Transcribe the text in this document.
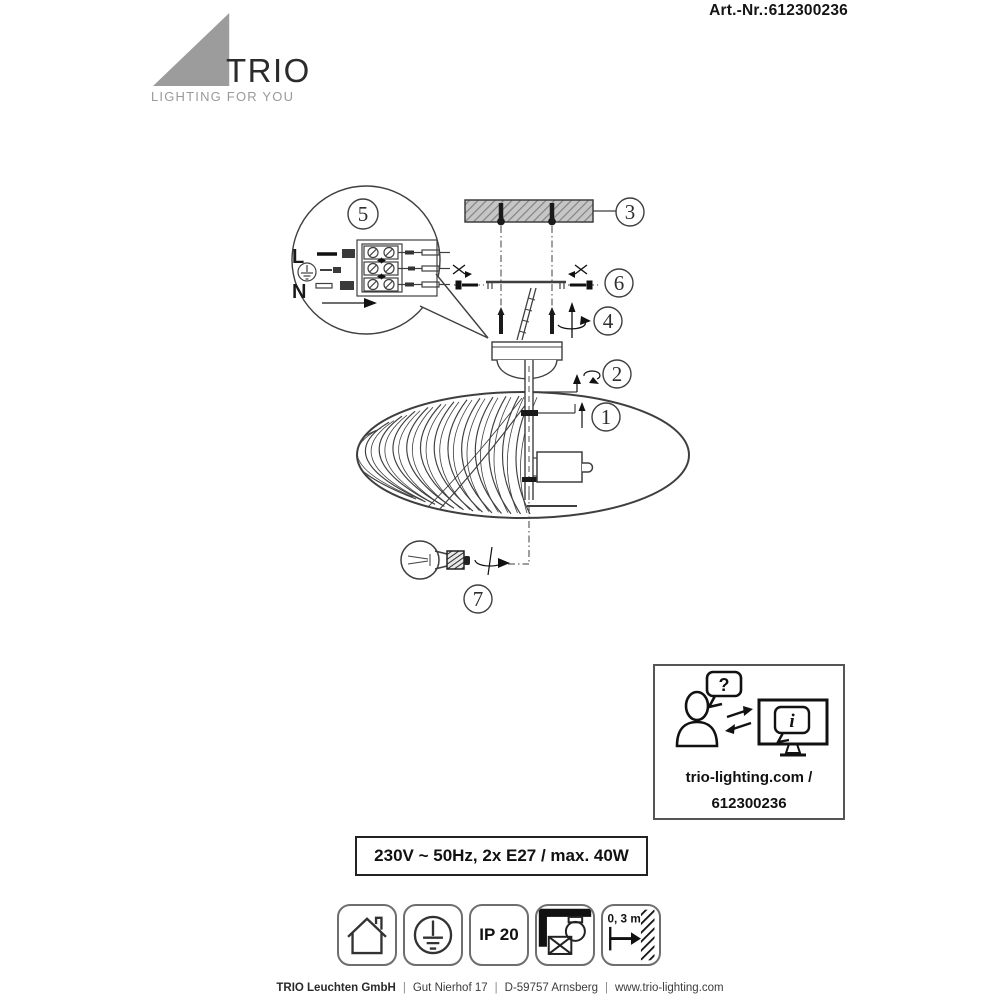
Art.-Nr.:612300236
TRIO
LIGHTING FOR YOU
5
L
N
3
6
4
2
1
7
?
i
trio-lighting.com /
612300236
230V ~ 50Hz, 2x E27 / max. 40W
IP 20
0, 3 m
TRIO Leuchten GmbH | Gut Nierhof 17 | D-59757 Arnsberg | www.trio-lighting.com
